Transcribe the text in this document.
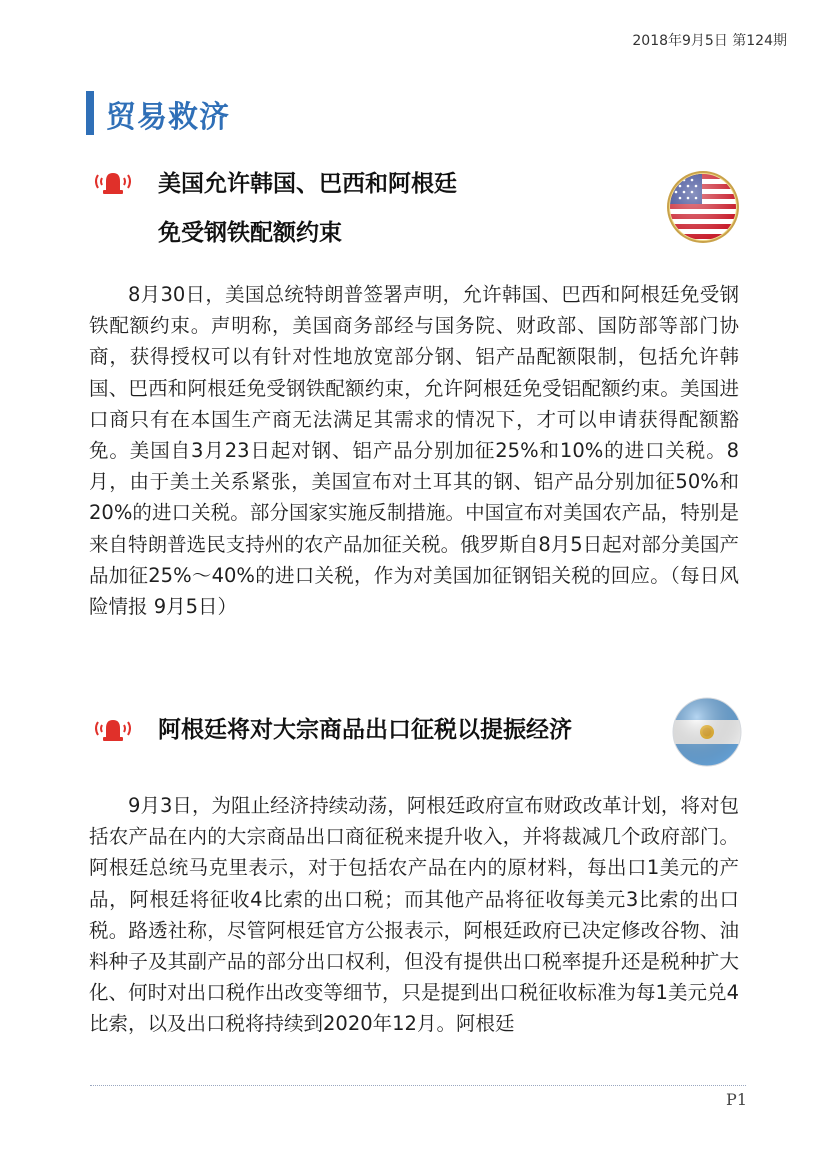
2018年9月5日 第124期
贸易救济
美国允许韩国、巴西和阿根廷
免受钢铁配额约束

8月30日，美国总统特朗普签署声明，允许韩国、巴西和阿根廷免受钢铁配额约束。声明称，美国商务部经与国务院、财政部、国防部等部门协商，获得授权可以有针对性地放宽部分钢、铝产品配额限制，包括允许韩国、巴西和阿根廷免受钢铁配额约束，允许阿根廷免受铝配额约束。美国进口商只有在本国生产商无法满足其需求的情况下，才可以申请获得配额豁免。美国自3月23日起对钢、铝产品分别加征25%和10%的进口关税。8月，由于美土关系紧张，美国宣布对土耳其的钢、铝产品分别加征50%和20%的进口关税。部分国家实施反制措施。中国宣布对美国农产品，特别是来自特朗普选民支持州的农产品加征关税。俄罗斯自8月5日起对部分美国产品加征25%～40%的进口关税，作为对美国加征钢铝关税的回应。（每日风险情报 9月5日）

阿根廷将对大宗商品出口征税以提振经济

9月3日，为阻止经济持续动荡，阿根廷政府宣布财政改革计划，将对包括农产品在内的大宗商品出口商征税来提升收入，并将裁减几个政府部门。阿根廷总统马克里表示，对于包括农产品在内的原材料，每出口1美元的产品，阿根廷将征收4比索的出口税；而其他产品将征收每美元3比索的出口税。路透社称，尽管阿根廷官方公报表示，阿根廷政府已决定修改谷物、油料种子及其副产品的部分出口权利，但没有提供出口税率提升还是税种扩大化、何时对出口税作出改变等细节，只是提到出口税征收标准为每1美元兑4比索，以及出口税将持续到2020年12月。阿根廷

P1
